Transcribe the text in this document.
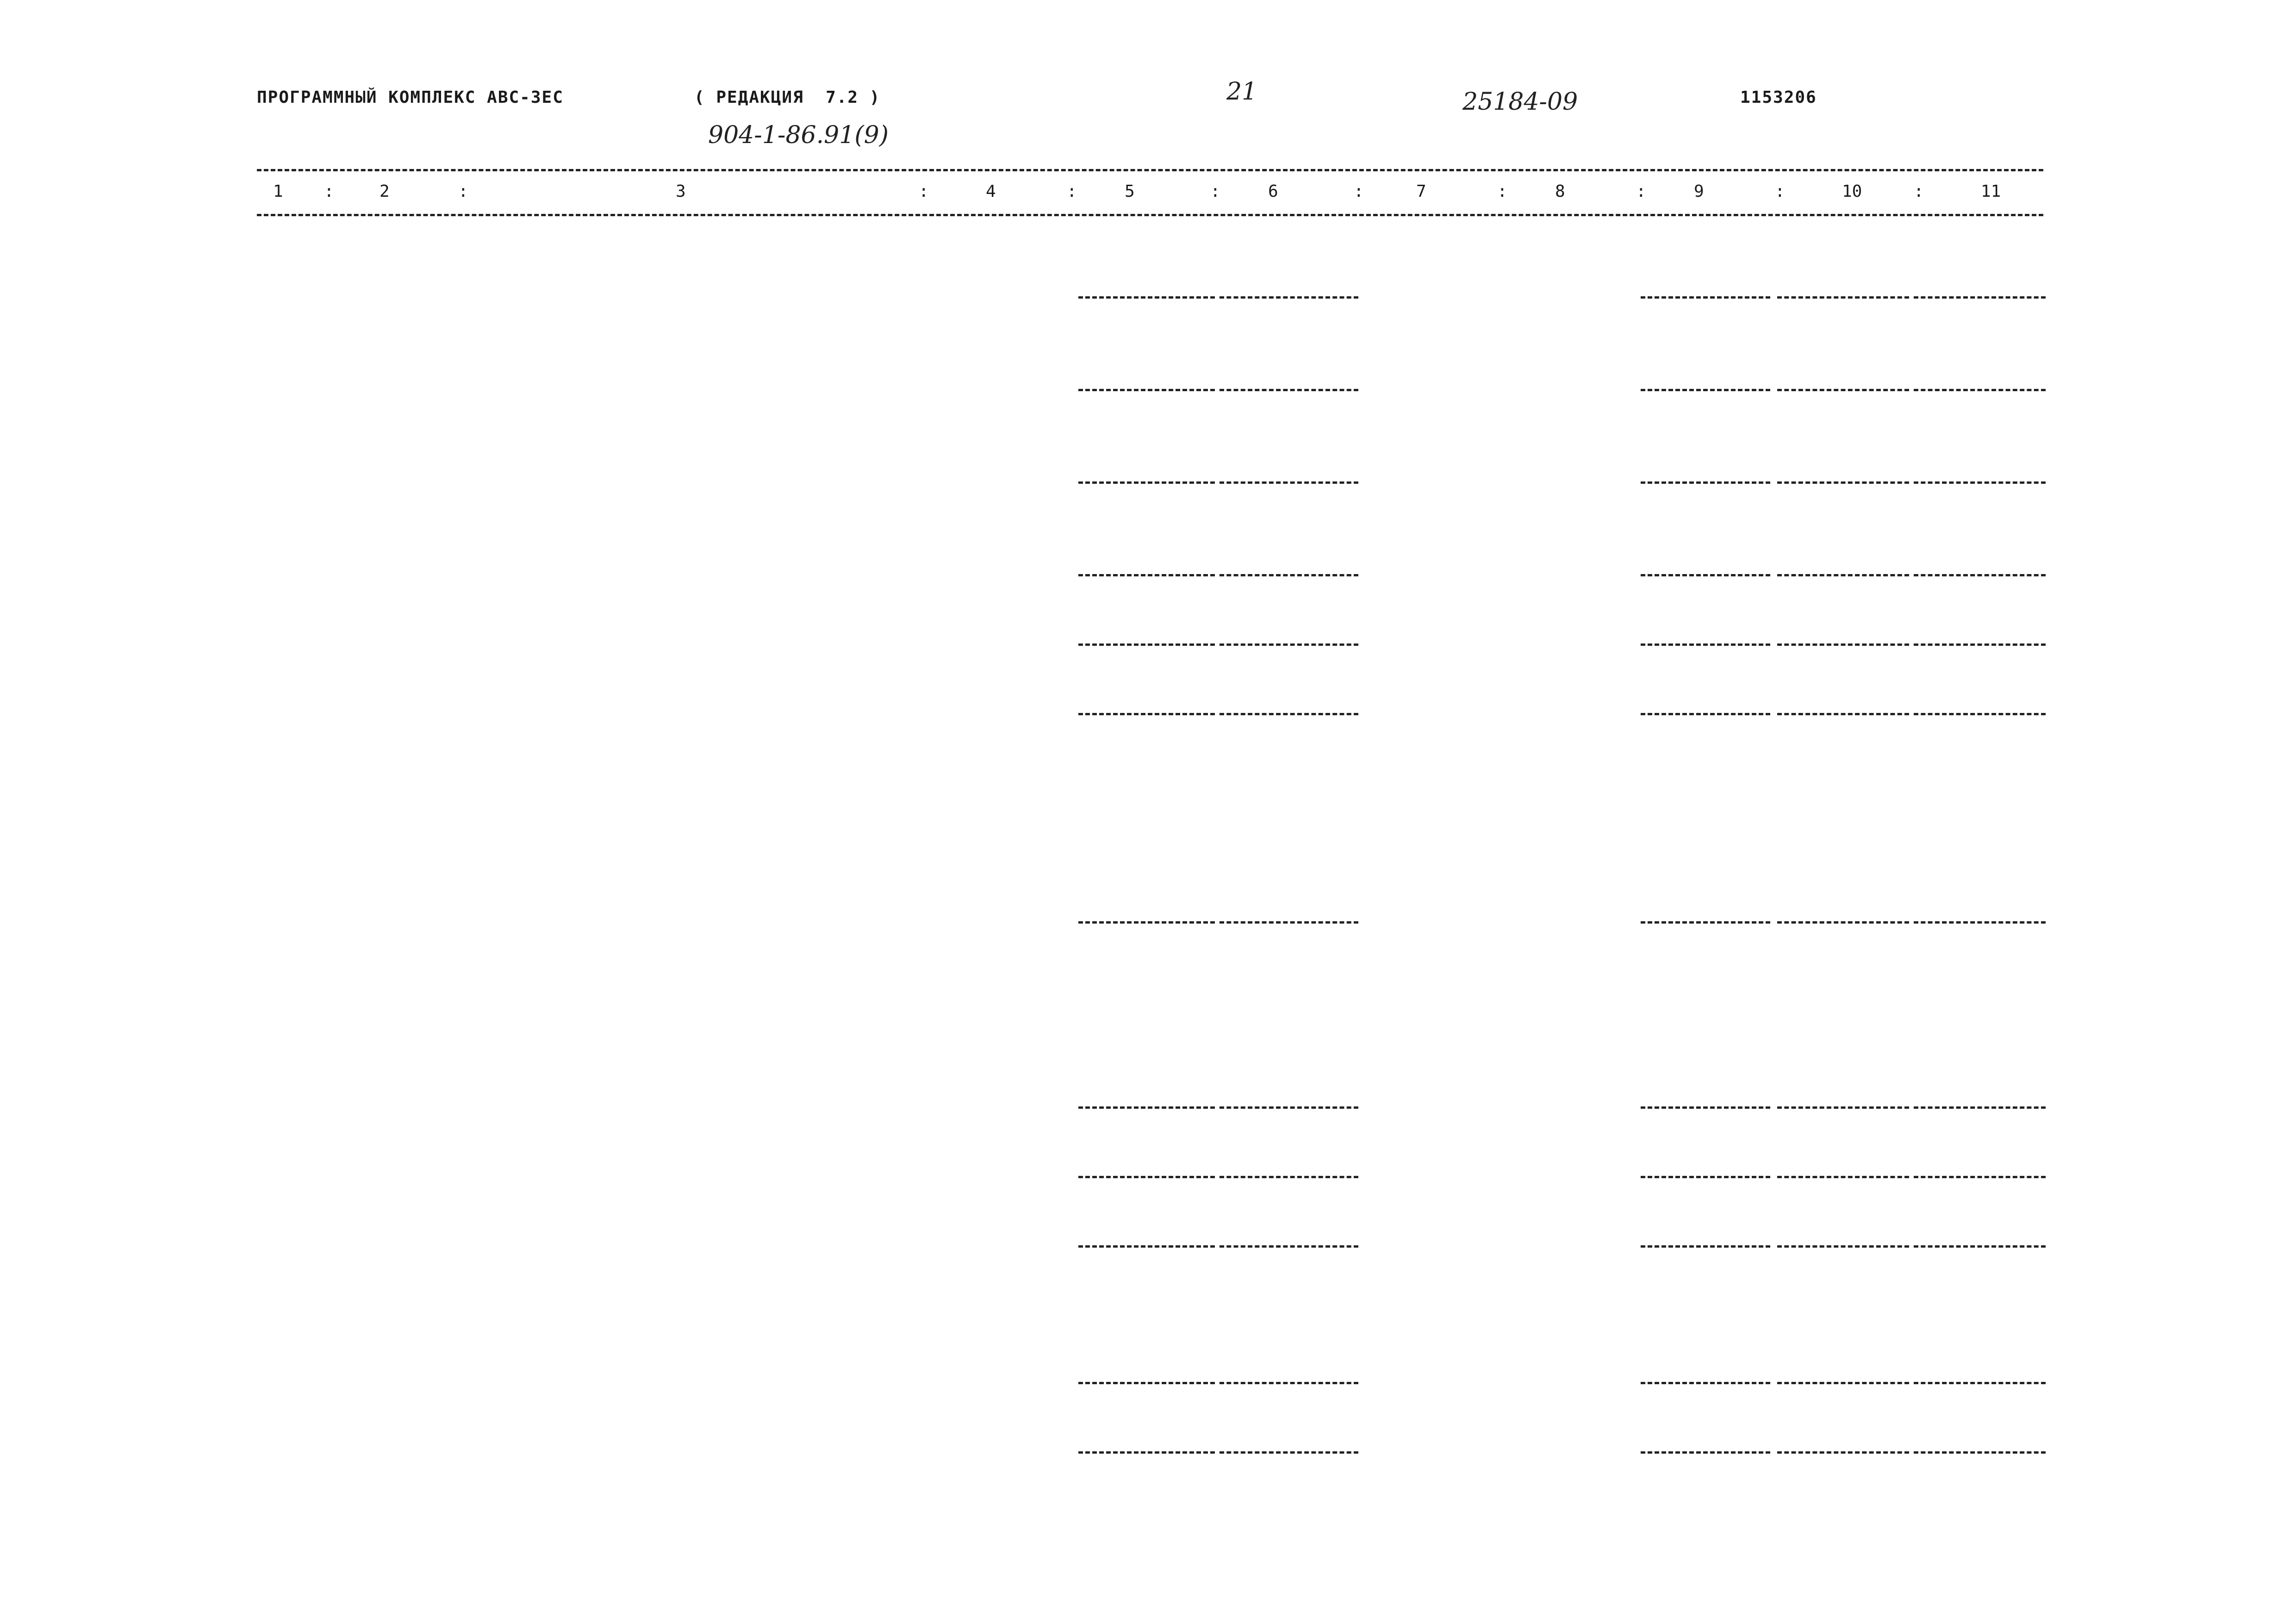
ПРОГРАММНЫЙ КОМПЛЕКС АВС-3ЕС	( РЕДАКЦИЯ  7.2 )	21	25184-09	1153206
904-1-86.91(9)
1	2	3	4	5	6	7	8	9	10	11
:	:	:	:	:	:	:	:	:	:
